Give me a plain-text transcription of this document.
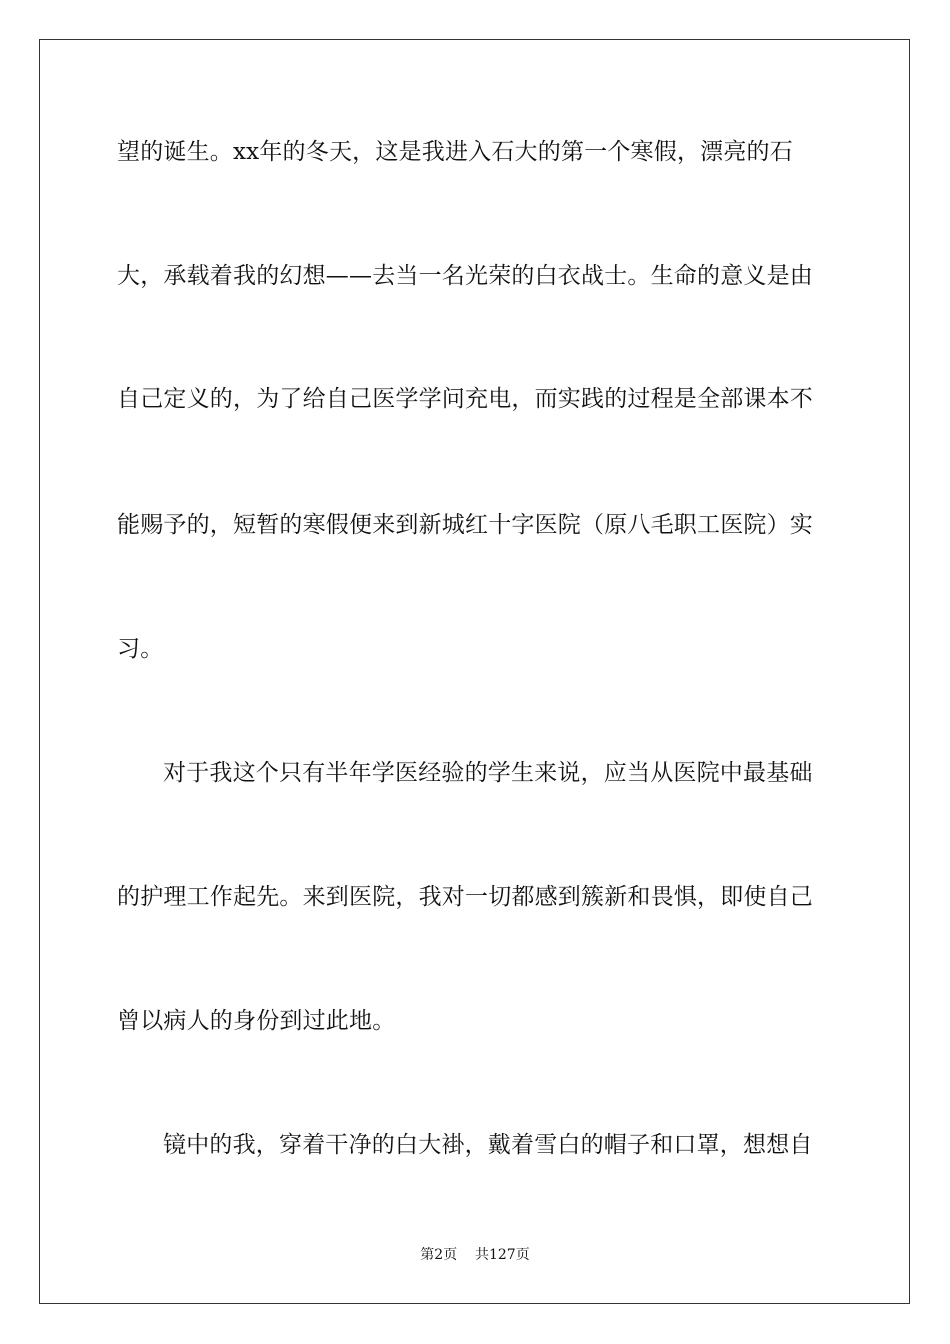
望的诞生。xx年的冬天，这是我进入石大的第一个寒假，漂亮的石
大，承载着我的幻想——去当一名光荣的白衣战士。生命的意义是由
自己定义的，为了给自己医学学问充电，而实践的过程是全部课本不
能赐予的，短暂的寒假便来到新城红十字医院（原八毛职工医院）实
习。
对于我这个只有半年学医经验的学生来说，应当从医院中最基础
的护理工作起先。来到医院，我对一切都感到簇新和畏惧，即使自己
曾以病人的身份到过此地。
镜中的我，穿着干净的白大褂，戴着雪白的帽子和口罩，想想自
第2页    共127页
